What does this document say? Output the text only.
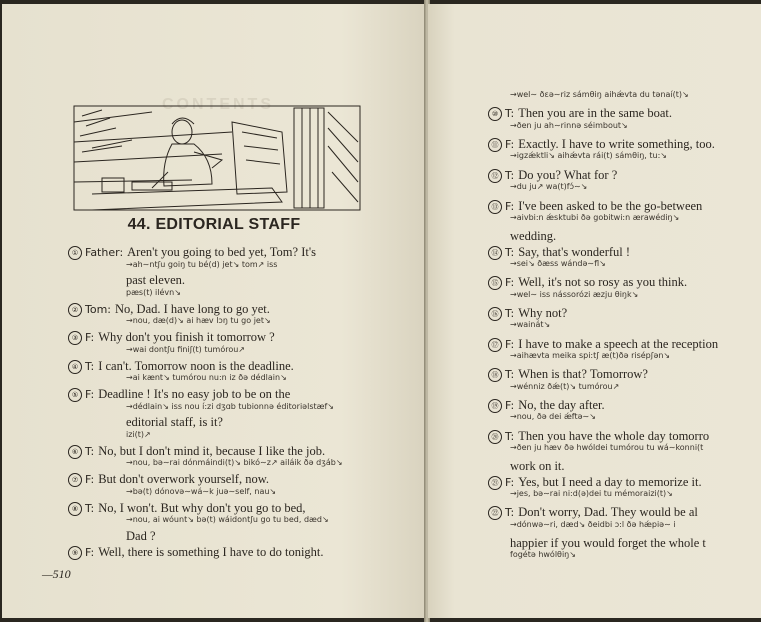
CONTENTS
44. EDITORIAL STAFF
① Father: Aren't you going to bed yet, Tom? It's
→ah∼ntʃu goiŋ tu bé(d) jet↘ tom↗ iss
past eleven.
pæs(t) ilévn↘
② Tom: No, Dad. I have long to go yet.
→nou, dæ(d)↘ ai hæv lɔŋ tu go jet↘
③ F: Why don't you finish it tomorrow ?
→wai dontʃu finiʃ(t) tumórou↗
④ T: I can't. Tomorrow noon is the deadline.
→ai kænt↘ tumórou nu:n iz ðə dédlain↘
⑤ F: Deadline ! It's no easy job to be on the
→dédlain↘ iss nou í:zi dʒɑb tubionnə éditoriəlstæf↘
editorial staff, is it?
izi(t)↗
⑥ T: No, but I don't mind it, because I like the job.
→nou, bə∼rai dónmáindi(t)↘ bikó∼z↗ ailáik ðə dʒáb↘
⑦ F: But don't overwork yourself, now.
→bə(t) dónovə∼wá∼k juə∼self, nau↘
⑧ T: No, I won't. But why don't you go to bed,
→nou, ai wóunt↘ bə(t) wáidontʃu go tu bed, dæd↘
Dad ?
⑨ F: Well, there is something I have to do tonight.
—510
→wel∼ ðɛə∼riz sámθiŋ aihǽvta du tənaí(t)↘
⑩ T: Then you are in the same boat.
→ðen ju ah∼rinnə séimbout↘
⑪ F: Exactly. I have to write something, too.
→igzǽktli↘ aihǽvta rái(t) sámθiŋ, tu:↘
⑫ T: Do you? What for ?
→du ju↗ wa(t)fɔ́∼↘
⑬ F: I've been asked to be the go-between
→aivbi:n ǽsktubi ðə gobitwi:n ærawédiŋ↘
wedding.
⑭ T: Say, that's wonderful !
→sei↘ ðæss wándə∼fl↘
⑮ F: Well, it's not so rosy as you think.
→wel∼ iss nássorózi æzju θiŋk↘
⑯ T: Why not?
→wainát↘
⑰ F: I have to make a speech at the reception
→aihævta meika spi:tʃ æ(t)ðə risépʃən↘
⑱ T: When is that? Tomorrow?
→wénniz ðǽ(t)↘ tumórou↗
⑲ F: No, the day after.
→nou, ðə dei ǽftə∼↘
⑳ T: Then you have the whole day tomorro
→ðen ju hæv ðə hwóldei tumórou tu wá∼konni(t
work on it.
㉑ F: Yes, but I need a day to memorize it.
→jes, bə∼rai ni:d(ə)dei tu mémoraizi(t)↘
㉒ T: Don't worry, Dad. They would be al
→dónwə∼ri, dæd↘ ðeidbi ɔ:l ðə hǽpiə∼ i
happier if you would forget the whole t
fogétə hwólθiŋ↘
